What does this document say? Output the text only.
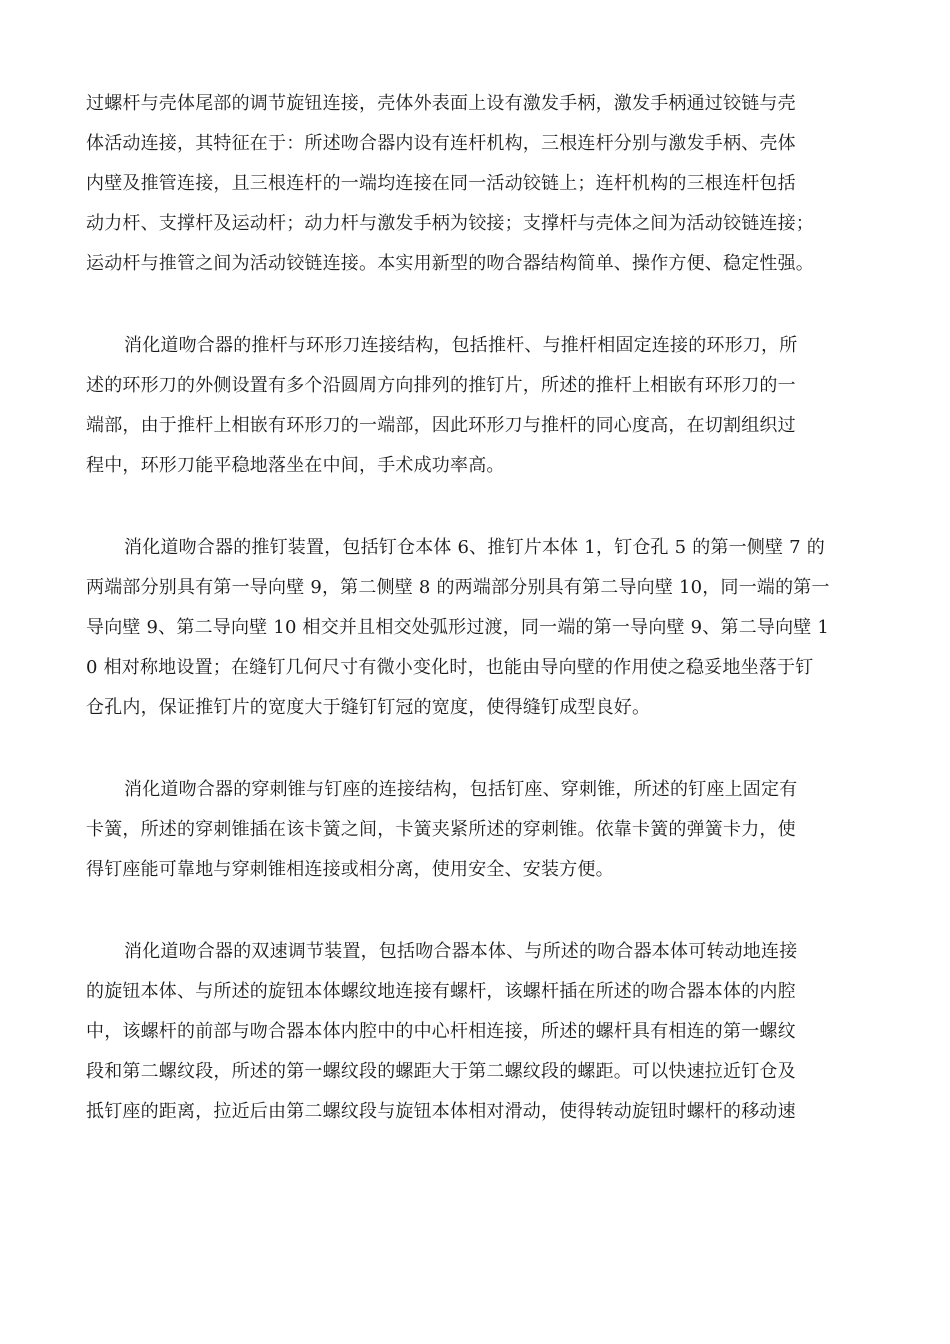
过螺杆与壳体尾部的调节旋钮连接，壳体外表面上设有激发手柄，激发手柄通过铰链与壳
体活动连接，其特征在于：所述吻合器内设有连杆机构，三根连杆分别与激发手柄、壳体
内壁及推管连接，且三根连杆的一端均连接在同一活动铰链上；连杆机构的三根连杆包括
动力杆、支撑杆及运动杆；动力杆与激发手柄为铰接；支撑杆与壳体之间为活动铰链连接；
运动杆与推管之间为活动铰链连接。本实用新型的吻合器结构简单、操作方便、稳定性强。
消化道吻合器的推杆与环形刀连接结构，包括推杆、与推杆相固定连接的环形刀，所
述的环形刀的外侧设置有多个沿圆周方向排列的推钉片，所述的推杆上相嵌有环形刀的一
端部，由于推杆上相嵌有环形刀的一端部，因此环形刀与推杆的同心度高，在切割组织过
程中，环形刀能平稳地落坐在中间，手术成功率高。
消化道吻合器的推钉装置，包括钉仓本体 6、推钉片本体 1，钉仓孔 5 的第一侧壁 7 的
两端部分别具有第一导向壁 9，第二侧壁 8 的两端部分别具有第二导向壁 10，同一端的第一
导向壁 9、第二导向壁 10 相交并且相交处弧形过渡，同一端的第一导向壁 9、第二导向壁 1
0 相对称地设置；在缝钉几何尺寸有微小变化时，也能由导向壁的作用使之稳妥地坐落于钉
仓孔内，保证推钉片的宽度大于缝钉钉冠的宽度，使得缝钉成型良好。
消化道吻合器的穿刺锥与钉座的连接结构，包括钉座、穿刺锥，所述的钉座上固定有
卡簧，所述的穿刺锥插在该卡簧之间，卡簧夹紧所述的穿刺锥。依靠卡簧的弹簧卡力，使
得钉座能可靠地与穿刺锥相连接或相分离，使用安全、安装方便。
消化道吻合器的双速调节装置，包括吻合器本体、与所述的吻合器本体可转动地连接
的旋钮本体、与所述的旋钮本体螺纹地连接有螺杆，该螺杆插在所述的吻合器本体的内腔
中，该螺杆的前部与吻合器本体内腔中的中心杆相连接，所述的螺杆具有相连的第一螺纹
段和第二螺纹段，所述的第一螺纹段的螺距大于第二螺纹段的螺距。可以快速拉近钉仓及
抵钉座的距离，拉近后由第二螺纹段与旋钮本体相对滑动，使得转动旋钮时螺杆的移动速
